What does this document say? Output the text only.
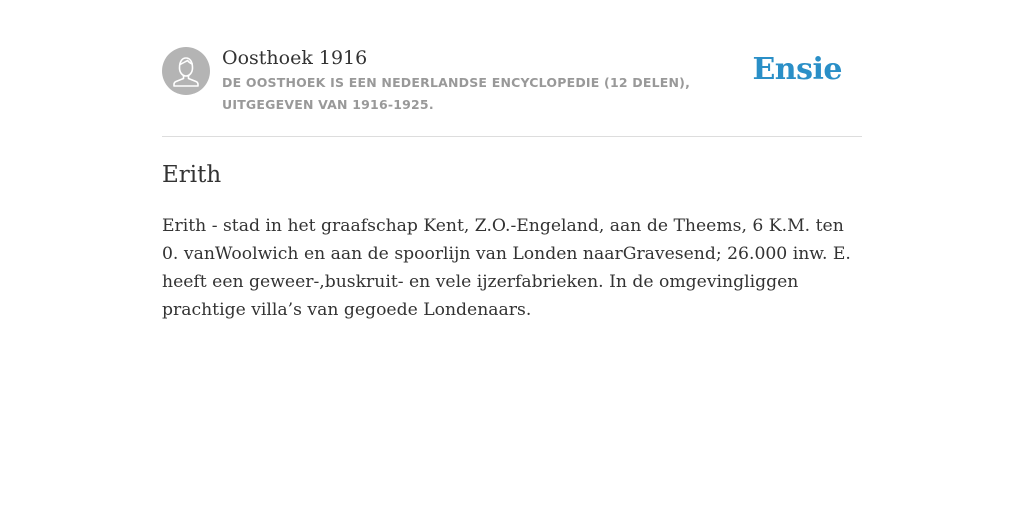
Oosthoek 1916
DE OOSTHOEK IS EEN NEDERLANDSE ENCYCLOPEDIE (12 DELEN), UITGEGEVEN VAN 1916-1925.
Ensie
Erith

Erith - stad in het graafschap Kent, Z.O.-Engeland, aan de Theems, 6 K.M. ten 0. vanWoolwich en aan de spoorlijn van Londen naarGravesend; 26.000 inw. E. heeft een geweer-,buskruit- en vele ijzerfabrieken. In de omgevingliggen prachtige villa’s van gegoede Londenaars.
